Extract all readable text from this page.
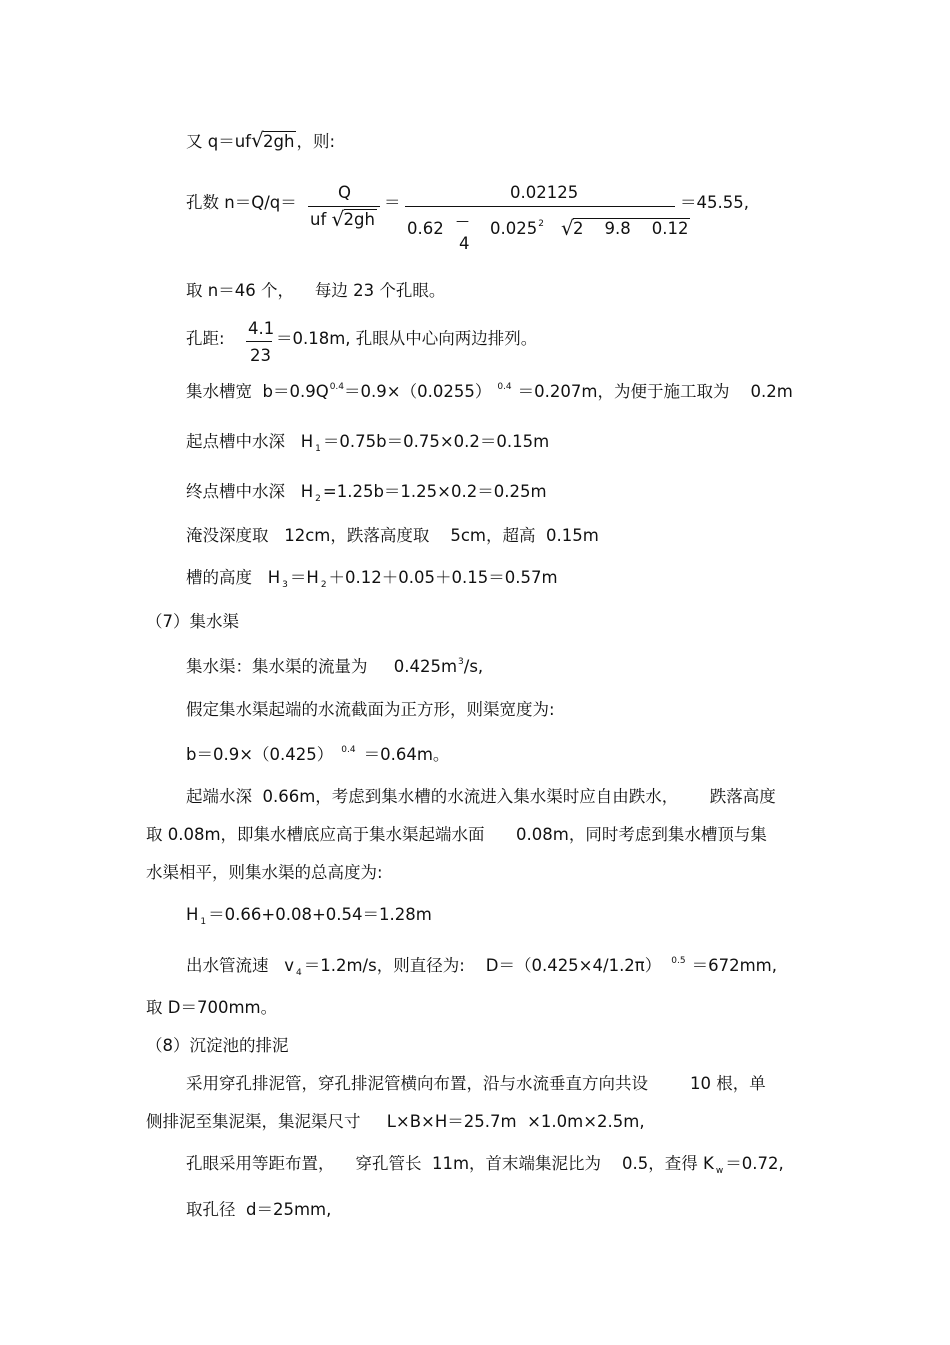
又 q＝uf √ 2gh ，则:
孔数 n＝Q/q＝
Q
uf √ 2gh
＝
0.02125
0.62 —
4
0.025$^2$ √ 2    9.8    0.12
＝45.55,
取 n＝46 个，    每边 23 个孔眼。
孔距:
4.1
23
＝0.18m, 孔眼从中心向两边排列。
集水槽宽  $b=0.9Q^{0.4}=0.9\times(0.0255)$ $^{0.4}$ ＝0.207m，为便于施工取为    0.2m
起点槽中水深   H $_1$ ＝0.75b＝0.75×0.2＝0.15m
终点槽中水深   H $_2$ =1.25b＝1.25×0.2＝0.25m
淹没深度取   12cm，跌落高度取    5cm，超高  0.15m
槽的高度   H $_3$ ＝H $_2$ ＋0.12＋0.05＋0.15＝0.57m
（7）集水渠
集水渠：集水渠的流量为     $0.425m^3/s$,
假定集水渠起端的水流截面为正方形，则渠宽度为:
b＝0.9×（0.425） $^{0.4}$ ＝0.64m。
起端水深  0.66m，考虑到集水槽的水流进入集水渠时应自由跌水，      跌落高度
取 0.08m，即集水槽底应高于集水渠起端水面      0.08m，同时考虑到集水槽顶与集
水渠相平，则集水渠的总高度为:
H $_1$ ＝0.66+0.08+0.54＝1.28m
出水管流速   v $_4$ ＝1.2m/s，则直径为:    D＝（0.425×4/1.2π） $^{0.5}$ ＝672mm,
取 D＝700mm。
（8）沉淀池的排泥
采用穿孔排泥管，穿孔排泥管横向布置，沿与水流垂直方向共设        10 根，单
侧排泥至集泥渠，集泥渠尺寸     L×B×H＝25.7m  ×1.0m×2.5m,
孔眼采用等距布置，    穿孔管长  11m，首末端集泥比为    0.5，查得 K $_w$ ＝0.72,
取孔径  d＝25mm,
